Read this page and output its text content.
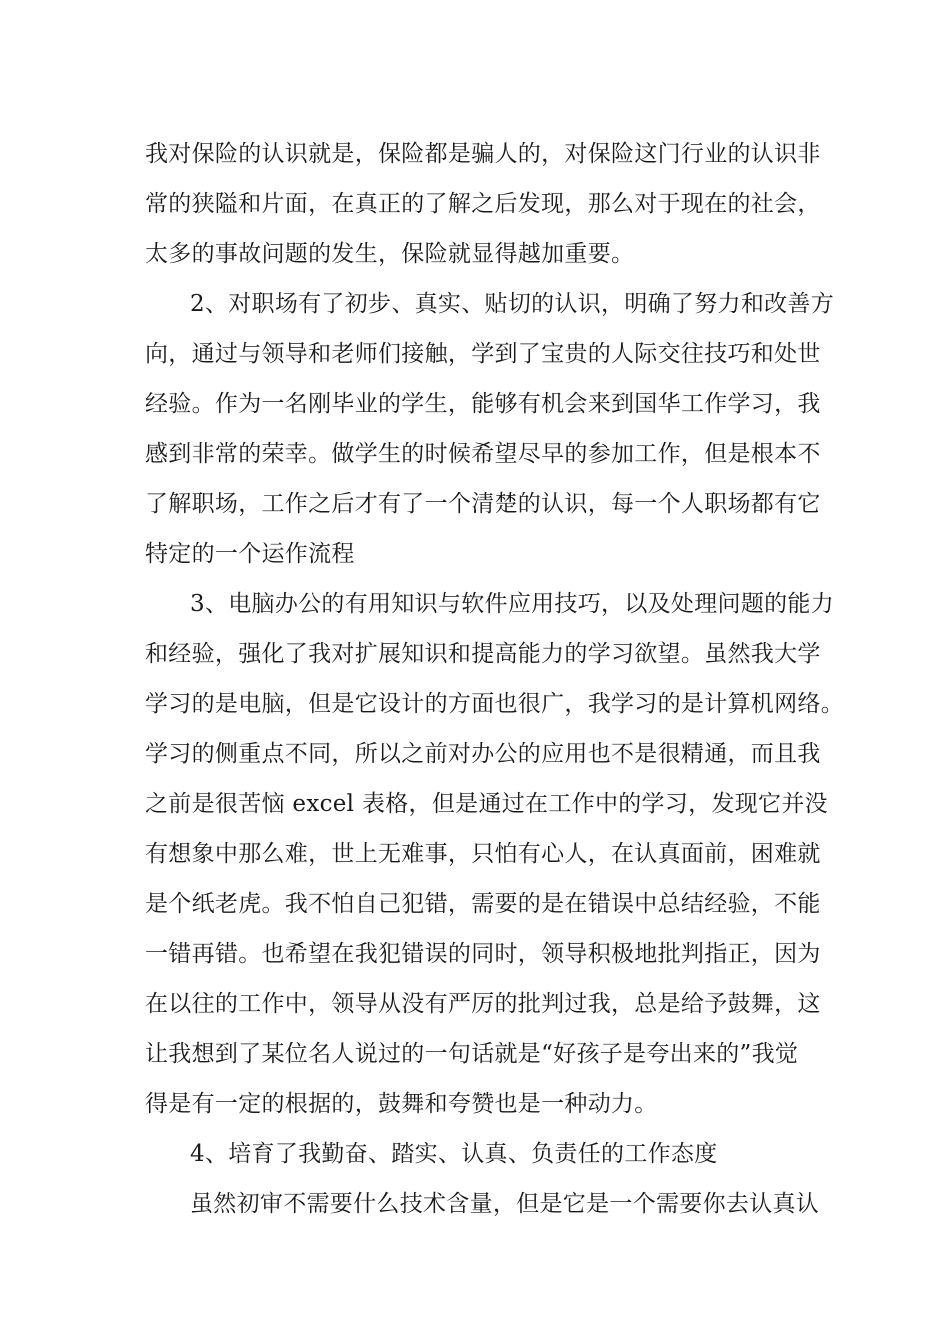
我对保险的认识就是，保险都是骗人的，对保险这门行业的认识非
常的狭隘和片面，在真正的了解之后发现，那么对于现在的社会，
太多的事故问题的发生，保险就显得越加重要。
2、对职场有了初步、真实、贴切的认识，明确了努力和改善方
向，通过与领导和老师们接触，学到了宝贵的人际交往技巧和处世
经验。作为一名刚毕业的学生，能够有机会来到国华工作学习，我
感到非常的荣幸。做学生的时候希望尽早的参加工作，但是根本不
了解职场，工作之后才有了一个清楚的认识，每一个人职场都有它
特定的一个运作流程
3、电脑办公的有用知识与软件应用技巧，以及处理问题的能力
和经验，强化了我对扩展知识和提高能力的学习欲望。虽然我大学
学习的是电脑，但是它设计的方面也很广，我学习的是计算机网络。
学习的侧重点不同，所以之前对办公的应用也不是很精通，而且我
之前是很苦恼 excel 表格，但是通过在工作中的学习，发现它并没
有想象中那么难，世上无难事，只怕有心人，在认真面前，困难就
是个纸老虎。我不怕自己犯错，需要的是在错误中总结经验，不能
一错再错。也希望在我犯错误的同时，领导积极地批判指正，因为
在以往的工作中，领导从没有严厉的批判过我，总是给予鼓舞，这
让我想到了某位名人说过的一句话就是“好孩子是夸出来的”我觉
得是有一定的根据的，鼓舞和夸赞也是一种动力。
4、培育了我勤奋、踏实、认真、负责任的工作态度
虽然初审不需要什么技术含量，但是它是一个需要你去认真认
